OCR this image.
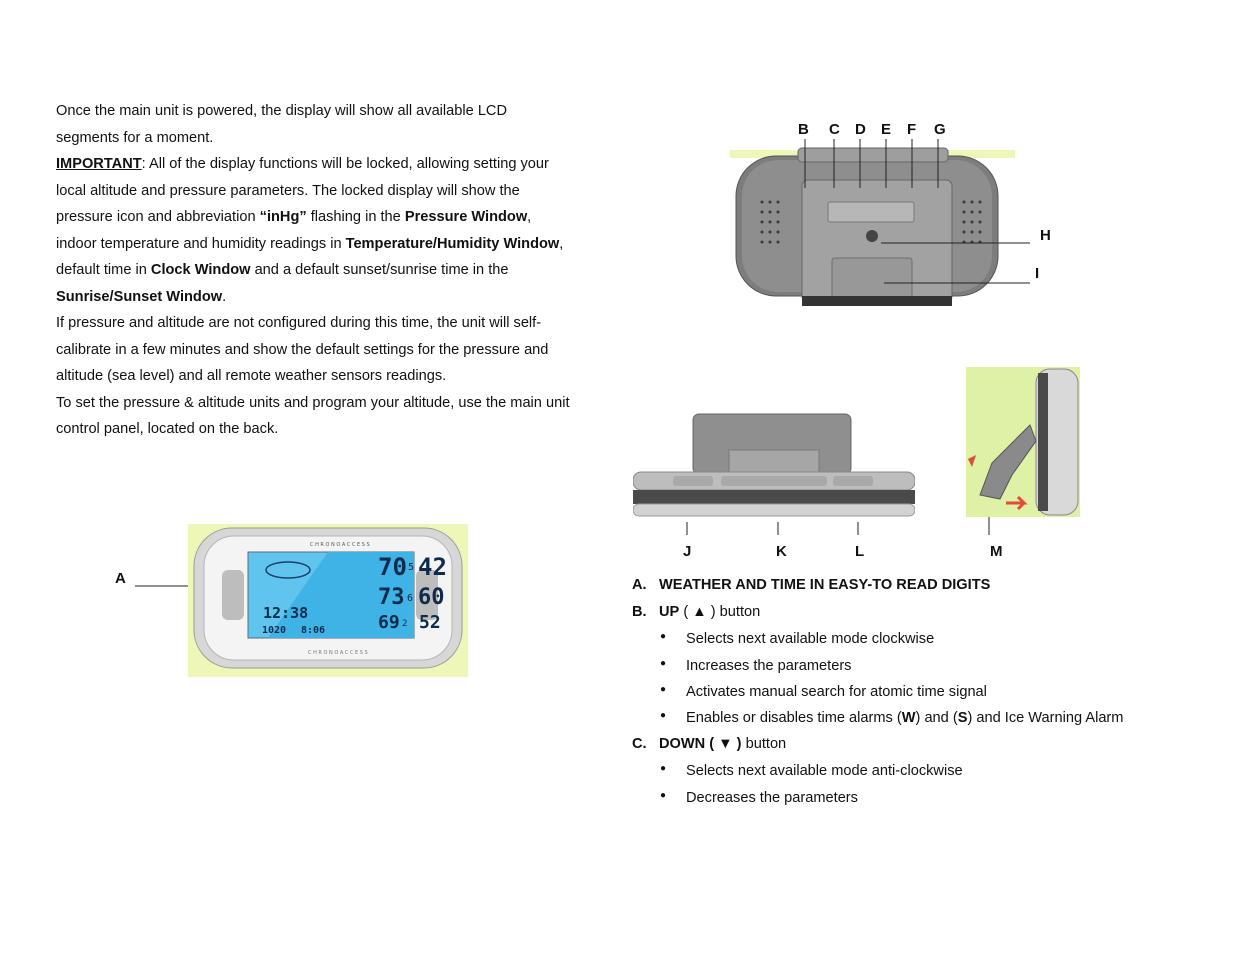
Once the main unit is powered, the display will show all available LCD segments for a moment.

IMPORTANT: All of the display functions will be locked, allowing setting your local altitude and pressure parameters. The locked display will show the pressure icon and abbreviation “inHg” flashing in the Pressure Window, indoor temperature and humidity readings in Temperature/Humidity Window, default time in Clock Window and a default sunset/sunrise time in the Sunrise/Sunset Window.

If pressure and altitude are not configured during this time, the unit will self-calibrate in a few minutes and show the default settings for the pressure and altitude (sea level) and all remote weather sensors readings.

To set the pressure & altitude units and program your altitude, use the main unit control panel, located on the back.

A
C H R O N O A C C E S S
C H R O N O A C C E S S
70 5 42
73 6 60
12:38	69 2 52
1020 8:06
B C D E F G
H
I
J	K	L	M
A. WEATHER AND TIME IN EASY-TO READ DIGITS
B. UP ( ▲ ) button
● Selects next available mode clockwise
● Increases the parameters
● Activates manual search for atomic time signal
● Enables or disables time alarms (W) and (S) and Ice Warning Alarm
C. DOWN ( ▼ ) button
● Selects next available mode anti-clockwise
● Decreases the parameters
